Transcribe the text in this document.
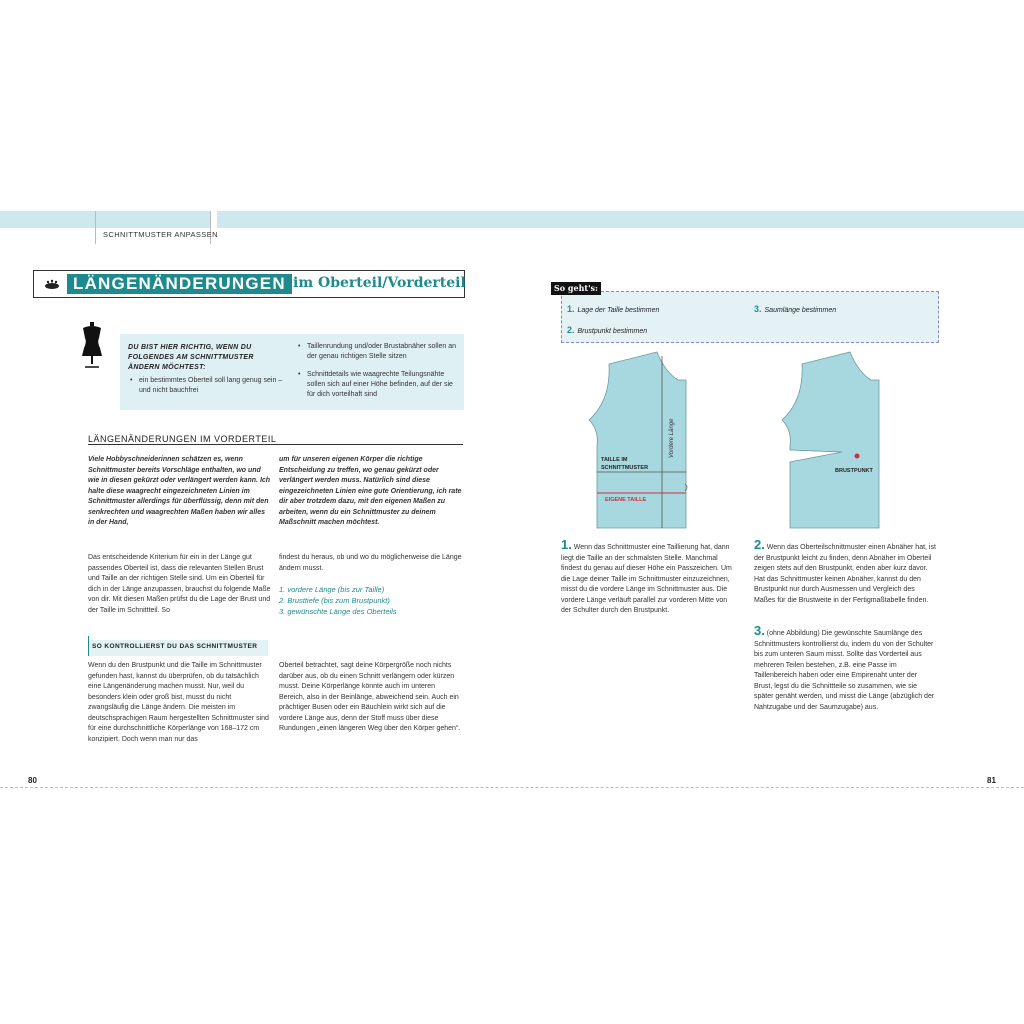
SCHNITTMUSTER ANPASSEN
LÄNGENÄNDERUNGEN im Oberteil/Vorderteil
DU BIST HIER RICHTIG, WENN DU FOLGENDES AM SCHNITTMUSTER ÄNDERN MÖCHTEST:
• ein bestimmtes Oberteil soll lang genug sein – und nicht bauchfrei
• Taillenrundung und/oder Brustabnäher sollen an der genau richtigen Stelle sitzen
• Schnittdetails wie waagrechte Teilungsnähte sollen sich auf einer Höhe befinden, auf der sie für dich vorteilhaft sind
LÄNGENÄNDERUNGEN IM VORDERTEIL
Viele Hobbyschneiderinnen schätzen es, wenn Schnittmuster bereits Vorschläge enthalten, wo und wie in diesen gekürzt oder verlängert werden kann. Ich halte diese waagrecht eingezeichneten Linien im Schnittmuster allerdings für überflüssig, denn mit den senkrechten und waagrechten Maßen haben wir alles in der Hand,
um für unseren eigenen Körper die richtige Entscheidung zu treffen, wo genau gekürzt oder verlängert werden muss. Natürlich sind diese eingezeichneten Linien eine gute Orientierung, ich rate dir aber trotzdem dazu, mit den eigenen Maßen zu arbeiten, wenn du ein Schnittmuster zu deinem Maßschnitt machen möchtest.
Das entscheidende Kriterium für ein in der Länge gut passendes Oberteil ist, dass die relevanten Stellen Brust und Taille an der richtigen Stelle sind. Um ein Oberteil für dich in der Länge anzupassen, brauchst du folgende Maße von dir. Mit diesen Maßen prüfst du die Lage der Brust und der Taille im Schnittteil. So
findest du heraus, ob und wo du möglicherweise die Länge ändern musst.
1. vordere Länge (bis zur Taille)
2. Brusttiefe (bis zum Brustpunkt)
3. gewünschte Länge des Oberteils
SO KONTROLLIERST DU DAS SCHNITTMUSTER
Wenn du den Brustpunkt und die Taille im Schnittmuster gefunden hast, kannst du überprüfen, ob du tatsächlich eine Längenänderung machen musst. Nur, weil du besonders klein oder groß bist, musst du nicht zwangsläufig die Länge ändern. Die meisten im deutschsprachigen Raum hergestellten Schnittmuster sind für eine durchschnittliche Körperlänge von 168–172 cm konzipiert. Doch wenn man nur das
Oberteil betrachtet, sagt deine Körpergröße noch nichts darüber aus, ob du einen Schnitt verlängern oder kürzen musst. Deine Körperlänge könnte auch im unteren Bereich, also in der Beinlänge, abweichend sein. Auch ein prächtiger Busen oder ein Bäuchlein wirkt sich auf die vordere Länge aus, denn der Stoff muss über diese Rundungen „einen längeren Weg über den Körper gehen“.
80	81
So geht's:
1. Lage der Taille bestimmen
2. Brustpunkt bestimmen
3. Saumlänge bestimmen
Vordere Länge
TAILLE IM
SCHNITTMUSTER
EIGENE TAILLE
BRUSTPUNKT
1. Wenn das Schnittmuster eine Taillierung hat, dann liegt die Taille an der schmalsten Stelle. Manchmal findest du genau auf dieser Höhe ein Passzeichen. Um die Lage deiner Taille im Schnittmuster einzuzeichnen, misst du die vordere Länge im Schnittmuster aus. Die vordere Länge verläuft parallel zur vorderen Mitte von der Schulter durch den Brustpunkt.
2. Wenn das Oberteilschnittmuster einen Abnäher hat, ist der Brustpunkt leicht zu finden, denn Abnäher im Oberteil zeigen stets auf den Brustpunkt, enden aber kurz davor. Hat das Schnittmuster keinen Abnäher, kannst du den Brustpunkt nur durch Ausmessen und Vergleich des Maßes für die Brustweite in der Fertigmaßtabelle finden.
3. (ohne Abbildung) Die gewünschte Saumlänge des Schnittmusters kontrollierst du, indem du von der Schulter bis zum unteren Saum misst. Sollte das Vorderteil aus mehreren Teilen bestehen, z.B. eine Passe im Taillenbereich haben oder eine Empirenaht unter der Brust, legst du die Schnittteile so zusammen, wie sie später genäht werden, und misst die Länge (abzüglich der Nahtzugabe und der Saumzugabe) aus.
